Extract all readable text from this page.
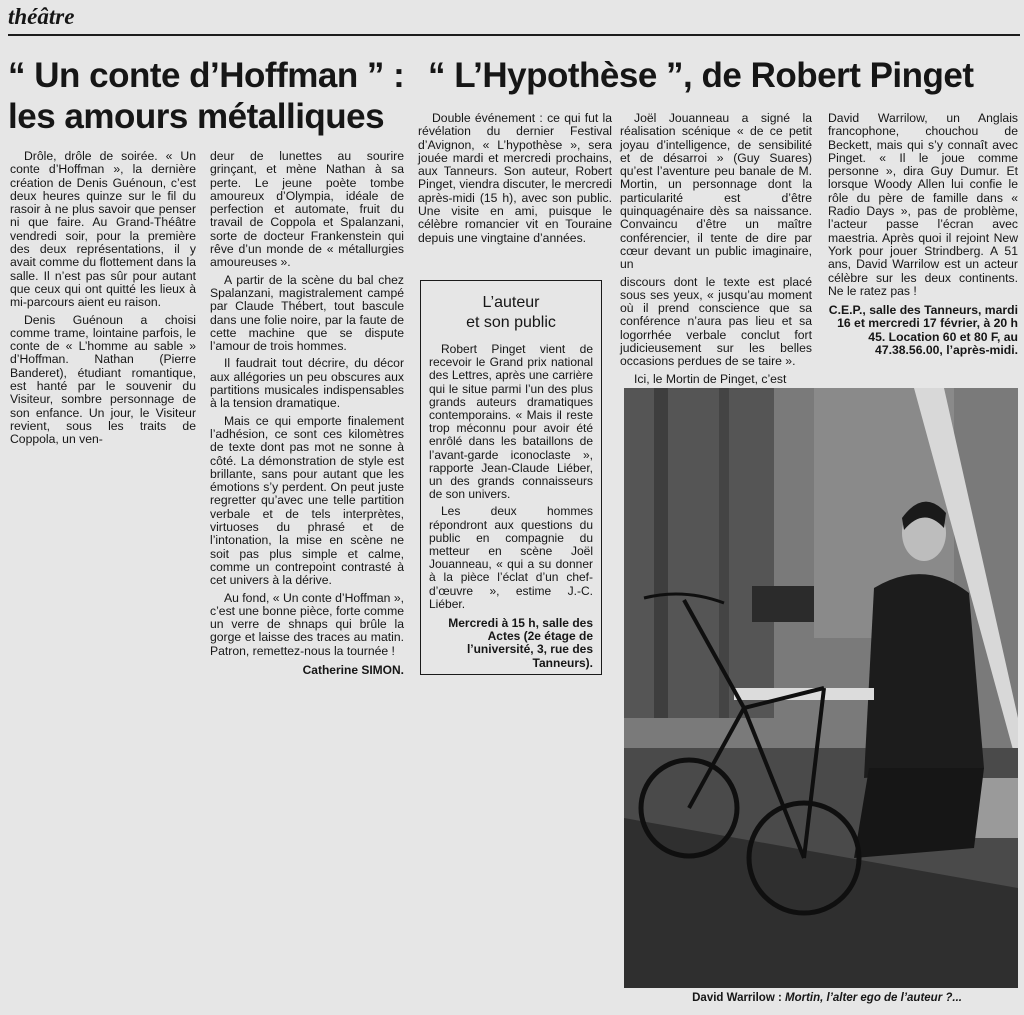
théâtre
“ Un conte d’Hoffman ” :
les amours métalliques
“ L’Hypothèse ”, de Robert Pinget

Drôle, drôle de soirée. « Un conte d’Hoffman », la dernière création de Denis Guénoun, c’est deux heures quinze sur le fil du rasoir à ne plus savoir que penser ni que faire. Au Grand-Théâtre vendredi soir, pour la première des deux représentations, il y avait comme du flottement dans la salle. Il n’est pas sûr pour autant que ceux qui ont quitté les lieux à mi-parcours aient eu raison.

Denis Guénoun a choisi comme trame, lointaine parfois, le conte de « L’homme au sable » d’Hoffman. Nathan (Pierre Banderet), étudiant romantique, est hanté par le souvenir du Visiteur, sombre personnage de son enfance. Un jour, le Visiteur revient, sous les traits de Coppola, un ven-

deur de lunettes au sourire grinçant, et mène Nathan à sa perte. Le jeune poète tombe amoureux d’Olympia, idéale de perfection et automate, fruit du travail de Coppola et Spalanzani, sorte de docteur Frankenstein qui rêve d’un monde de « métallurgies amoureuses ».

A partir de la scène du bal chez Spalanzani, magistralement campé par Claude Thébert, tout bascule dans une folie noire, par la faute de cette machine que se dispute l’amour de trois hommes.

Il faudrait tout décrire, du décor aux allégories un peu obscures aux partitions musicales indispensables à la tension dramatique.

Mais ce qui emporte finalement l’adhésion, ce sont ces kilomètres de texte dont pas mot ne sonne à côté. La démonstration de style est brillante, sans pour autant que les émotions s’y perdent. On peut juste regretter qu’avec une telle partition verbale et de tels interprètes, virtuoses du phrasé et de l’intonation, la mise en scène ne soit pas plus simple et calme, comme un contrepoint contrasté à cet univers à la dérive.

Au fond, « Un conte d’Hoffman », c’est une bonne pièce, forte comme un verre de shnaps qui brûle la gorge et laisse des traces au matin. Patron, remettez-nous la tournée !

Catherine SIMON.

Double événement : ce qui fut la révélation du dernier Festival d’Avignon, « L’hypothèse », sera jouée mardi et mercredi prochains, aux Tanneurs. Son auteur, Robert Pinget, viendra discuter, le mercredi après-midi (15 h), avec son public. Une visite en ami, puisque le célèbre romancier vit en Touraine depuis une vingtaine d’années.

L’auteur
et son public

Robert Pinget vient de recevoir le Grand prix national des Lettres, après une carrière qui le situe parmi l’un des plus grands auteurs dramatiques contemporains. « Mais il reste trop méconnu pour avoir été enrôlé dans les bataillons de l’avant-garde iconoclaste », rapporte Jean-Claude Liéber, un des grands connaisseurs de son univers.

Les deux hommes répondront aux questions du public en compagnie du metteur en scène Joël Jouanneau, « qui a su donner à la pièce l’éclat d’un chef-d’œuvre », estime J.-C. Liéber.

Mercredi à 15 h, salle des Actes (2e étage de l’université, 3, rue des Tanneurs).

Joël Jouanneau a signé la réalisation scénique « de ce petit joyau d’intelligence, de sensibilité et de désarroi » (Guy Suares) qu’est l’aventure peu banale de M. Mortin, un personnage dont la particularité est d’être quinquagénaire dès sa naissance. Convaincu d’être un maître conférencier, il tente de dire par cœur devant un public imaginaire, un

discours dont le texte est placé sous ses yeux, « jusqu’au moment où il prend conscience que sa conférence n’aura pas lieu et sa logorrhée verbale conclut fort judicieusement sur les belles occasions perdues de se taire ».

Ici, le Mortin de Pinget, c’est

David Warrilow, un Anglais francophone, chouchou de Beckett, mais qui s’y connaît avec Pinget. « Il le joue comme personne », dira Guy Dumur. Et lorsque Woody Allen lui confie le rôle du père de famille dans « Radio Days », pas de problème, l’acteur passe l’écran avec maestria. Après quoi il rejoint New York pour jouer Strindberg. A 51 ans, David Warrilow est un acteur célèbre sur les deux continents. Ne le ratez pas !

C.E.P., salle des Tanneurs, mardi 16 et mercredi 17 février, à 20 h 45. Location 60 et 80 F, au 47.38.56.00, l’après-midi.
David Warrilow : Mortin, l’alter ego de l’auteur ?...
